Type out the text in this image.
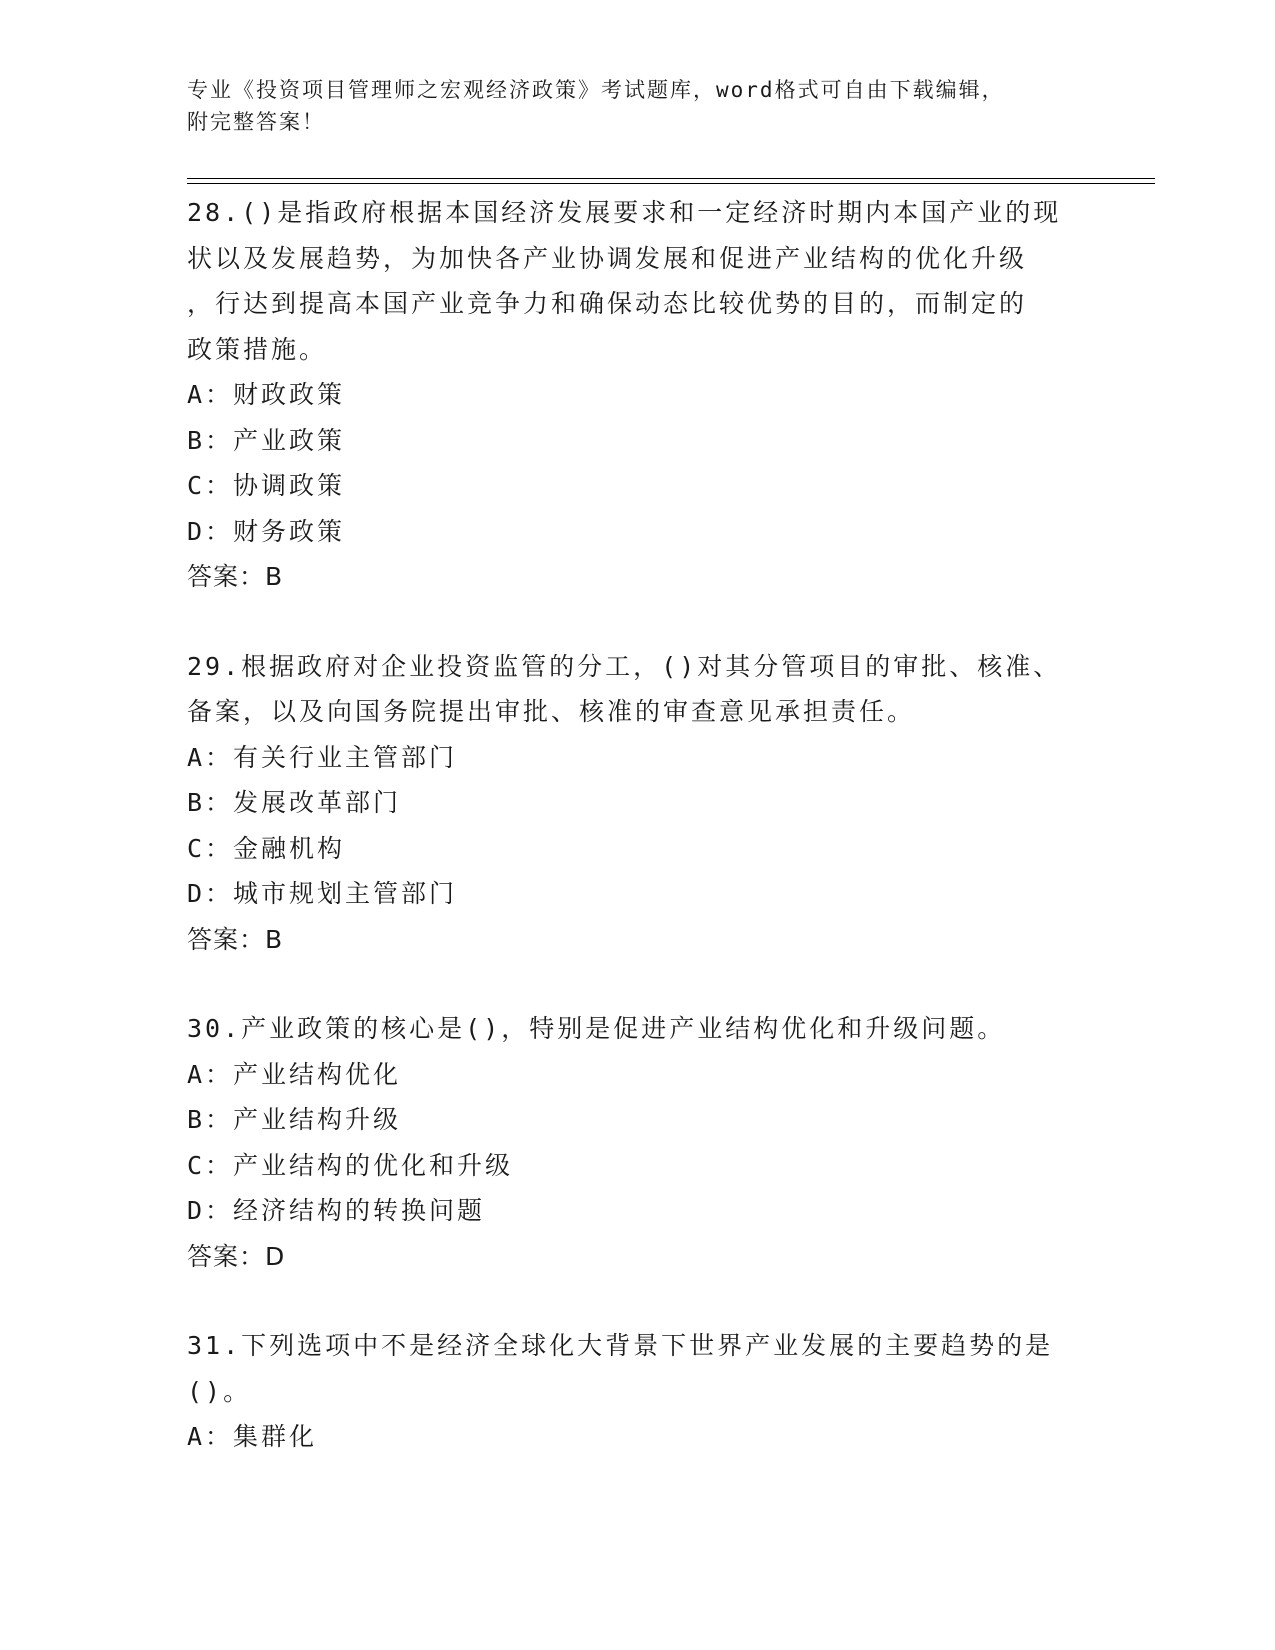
专业《投资项目管理师之宏观经济政策》考试题库，word格式可自由下载编辑，
附完整答案！
28.()是指政府根据本国经济发展要求和一定经济时期内本国产业的现
状以及发展趋势，为加快各产业协调发展和促进产业结构的优化升级
，行达到提高本国产业竞争力和确保动态比较优势的目的，而制定的
政策措施。
A：财政政策
B：产业政策
C：协调政策
D：财务政策
答案：B
29.根据政府对企业投资监管的分工，()对其分管项目的审批、核准、
备案，以及向国务院提出审批、核准的审查意见承担责任。
A：有关行业主管部门
B：发展改革部门
C：金融机构
D：城市规划主管部门
答案：B
30.产业政策的核心是()，特别是促进产业结构优化和升级问题。
A：产业结构优化
B：产业结构升级
C：产业结构的优化和升级
D：经济结构的转换问题
答案：D
31.下列选项中不是经济全球化大背景下世界产业发展的主要趋势的是
()。
A：集群化
